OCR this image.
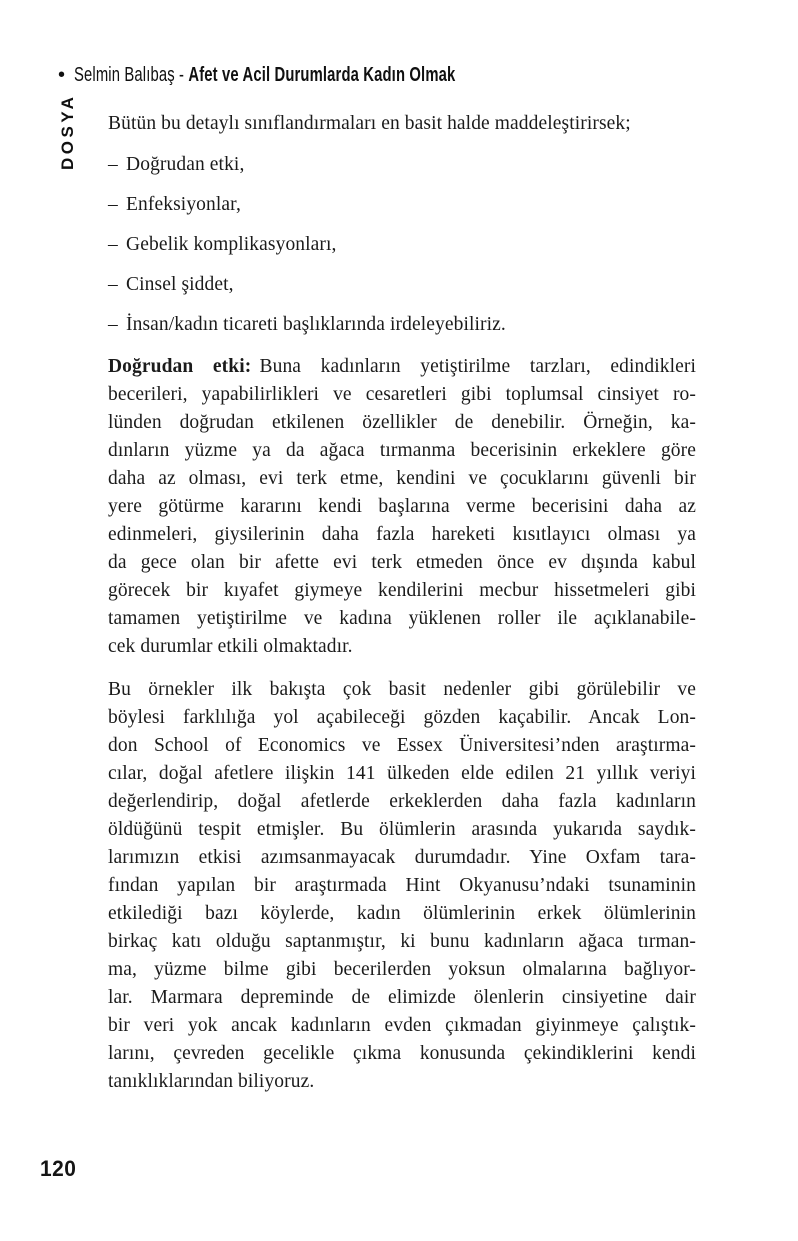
• Selmin Balıbaş - Afet ve Acil Durumlarda Kadın Olmak
DOSYA Bütün bu detaylı sınıflandırmaları en basit halde maddeleştirirsek;

– Doğrudan etki,
– Enfeksiyonlar,
– Gebelik komplikasyonları,
– Cinsel şiddet,
– İnsan/kadın ticareti başlıklarında irdeleyebiliriz.
Doğrudan etki: Buna kadınların yetiştirilme tarzları, edindikleri
becerileri, yapabilirlikleri ve cesaretleri gibi toplumsal cinsiyet ro-
lünden doğrudan etkilenen özellikler de denebilir. Örneğin, ka-
dınların yüzme ya da ağaca tırmanma becerisinin erkeklere göre
daha az olması, evi terk etme, kendini ve çocuklarını güvenli bir
yere götürme kararını kendi başlarına verme becerisini daha az
edinmeleri, giysilerinin daha fazla hareketi kısıtlayıcı olması ya
da gece olan bir afette evi terk etmeden önce ev dışında kabul
görecek bir kıyafet giymeye kendilerini mecbur hissetmeleri gibi
tamamen yetiştirilme ve kadına yüklenen roller ile açıklanabile-
cek durumlar etkili olmaktadır.
Bu örnekler ilk bakışta çok basit nedenler gibi görülebilir ve
böylesi farklılığa yol açabileceği gözden kaçabilir. Ancak Lon-
don School of Economics ve Essex Üniversitesi’nden araştırma-
cılar, doğal afetlere ilişkin 141 ülkeden elde edilen 21 yıllık veriyi
değerlendirip, doğal afetlerde erkeklerden daha fazla kadınların
öldüğünü tespit etmişler. Bu ölümlerin arasında yukarıda saydık-
larımızın etkisi azımsanmayacak durumdadır. Yine Oxfam tara-
fından yapılan bir araştırmada Hint Okyanusu’ndaki tsunaminin
etkilediği bazı köylerde, kadın ölümlerinin erkek ölümlerinin
birkaç katı olduğu saptanmıştır, ki bunu kadınların ağaca tırman-
ma, yüzme bilme gibi becerilerden yoksun olmalarına bağlıyor-
lar. Marmara depreminde de elimizde ölenlerin cinsiyetine dair
bir veri yok ancak kadınların evden çıkmadan giyinmeye çalıştık-
larını, çevreden gecelikle çıkma konusunda çekindiklerini kendi
tanıklıklarından biliyoruz.
120
